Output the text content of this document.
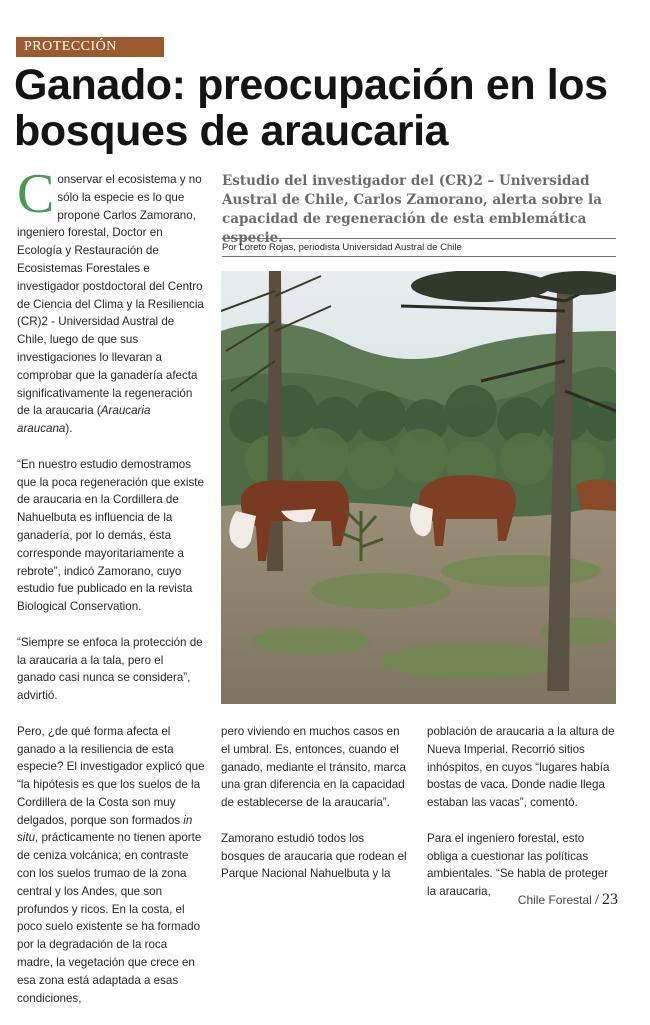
PROTECCIÓN
Ganado: preocupación en los bosques de araucaria
Estudio del investigador del (CR)2 – Universidad Austral de Chile, Carlos Zamorano, alerta sobre la capacidad de regeneración de esta emblemática especie.
Por Loreto Rojas, periodista Universidad Austral de Chile

Conservar el ecosistema y no sólo la especie es lo que propone Carlos Zamorano, ingeniero forestal, Doctor en Ecología y Restauración de Ecosistemas Forestales e investigador postdoctoral del Centro de Ciencia del Clima y la Resiliencia (CR)2 - Universidad Austral de Chile, luego de que sus investigaciones lo llevaran a comprobar que la ganadería afecta significativamente la regeneración de la araucaria (Araucaria araucana).

“En nuestro estudio demostramos que la poca regeneración que existe de araucaria en la Cordillera de Nahuelbuta es influencia de la ganadería, por lo demás, ésta corresponde mayoritariamente a rebrote”, indicó Zamorano, cuyo estudio fue publicado en la revista Biological Conservation.

“Siempre se enfoca la protección de la araucaria a la tala, pero el ganado casi nunca se considera”, advirtió.

Pero, ¿de qué forma afecta el ganado a la resiliencia de esta especie? El investigador explicó que “la hipótesis es que los suelos de la Cordillera de la Costa son muy delgados, porque son formados in situ, prácticamente no tienen aporte de ceniza volcánica; en contraste con los suelos trumao de la zona central y los Andes, que son profundos y ricos. En la costa, el poco suelo existente se ha formado por la degradación de la roca madre, la vegetación que crece en esa zona está adaptada a esas condiciones,

pero viviendo en muchos casos en el umbral. Es, entonces, cuando el ganado, mediante el tránsito, marca una gran diferencia en la capacidad de establecerse de la araucaria”.

Zamorano estudió todos los bosques de araucaria que rodean el Parque Nacional Nahuelbuta y la

población de araucaria a la altura de Nueva Imperial. Recorrió sitios inhóspitos, en cuyos “lugares había bostas de vaca. Donde nadie llega estaban las vacas”, comentó.

Para el ingeniero forestal, esto obliga a cuestionar las políticas ambientales. “Se habla de proteger la araucaria,

Chile Forestal / 23
